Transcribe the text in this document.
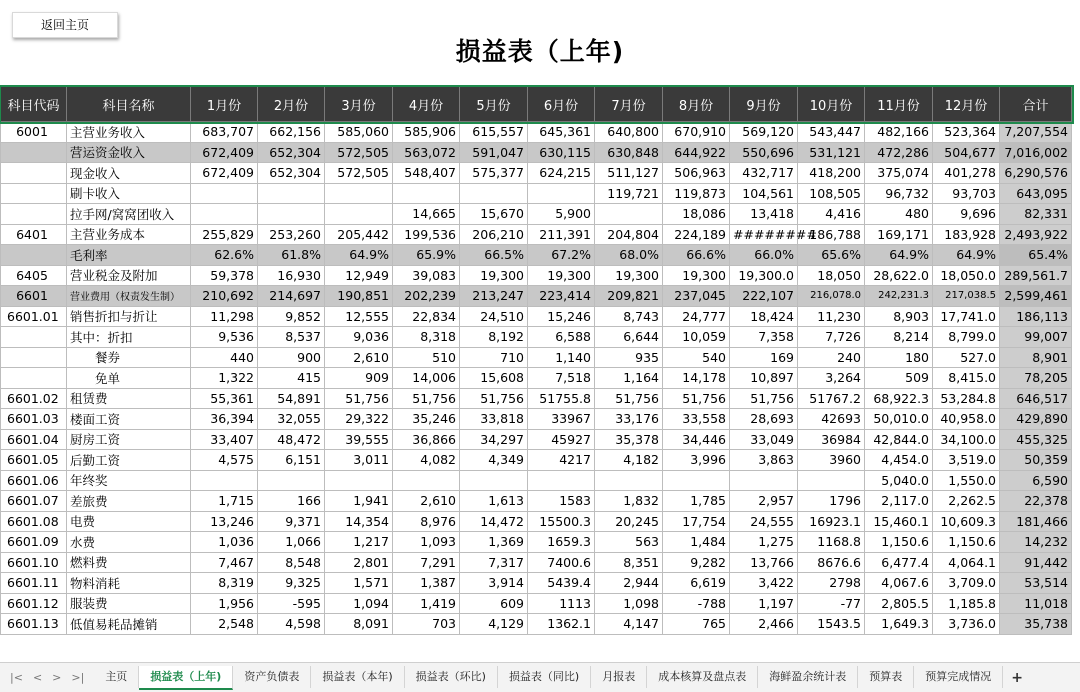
返回主页
损益表（上年)
科目代码	科目名称	1月份	2月份	3月份	4月份	5月份	6月份	7月份	8月份	9月份	10月份	11月份	12月份	合计
6001	主营业务收入	683,707	662,156	585,060	585,906	615,557	645,361	640,800	670,910	569,120	543,447	482,166	523,364	7,207,554
	营运资金收入	672,409	652,304	572,505	563,072	591,047	630,115	630,848	644,922	550,696	531,121	472,286	504,677	7,016,002
	现金收入	672,409	652,304	572,505	548,407	575,377	624,215	511,127	506,963	432,717	418,200	375,074	401,278	6,290,576
	刷卡收入							119,721	119,873	104,561	108,505	96,732	93,703	643,095
	拉手网/窝窝团收入				14,665	15,670	5,900		18,086	13,418	4,416	480	9,696	82,331
6401	主营业务成本	255,829	253,260	205,442	199,536	206,210	211,391	204,804	224,189	########	186,788	169,171	183,928	2,493,922
	毛利率	62.6%	61.8%	64.9%	65.9%	66.5%	67.2%	68.0%	66.6%	66.0%	65.6%	64.9%	64.9%	65.4%
6405	营业税金及附加	59,378	16,930	12,949	39,083	19,300	19,300	19,300	19,300	19,300.0	18,050	28,622.0	18,050.0	289,561.7
6601	营业费用（权责发生制）	210,692	214,697	190,851	202,239	213,247	223,414	209,821	237,045	222,107	216,078.0	242,231.3	217,038.5	2,599,461
6601.01	销售折扣与折让	11,298	9,852	12,555	22,834	24,510	15,246	8,743	24,777	18,424	11,230	8,903	17,741.0	186,113
	其中：折扣	9,536	8,537	9,036	8,318	8,192	6,588	6,644	10,059	7,358	7,726	8,214	8,799.0	99,007
	　　餐券	440	900	2,610	510	710	1,140	935	540	169	240	180	527.0	8,901
	　　免单	1,322	415	909	14,006	15,608	7,518	1,164	14,178	10,897	3,264	509	8,415.0	78,205
6601.02	租赁费	55,361	54,891	51,756	51,756	51,756	51755.8	51,756	51,756	51,756	51767.2	68,922.3	53,284.8	646,517
6601.03	楼面工资	36,394	32,055	29,322	35,246	33,818	33967	33,176	33,558	28,693	42693	50,010.0	40,958.0	429,890
6601.04	厨房工资	33,407	48,472	39,555	36,866	34,297	45927	35,378	34,446	33,049	36984	42,844.0	34,100.0	455,325
6601.05	后勤工资	4,575	6,151	3,011	4,082	4,349	4217	4,182	3,996	3,863	3960	4,454.0	3,519.0	50,359
6601.06	年终奖											5,040.0	1,550.0	6,590
6601.07	差旅费	1,715	166	1,941	2,610	1,613	1583	1,832	1,785	2,957	1796	2,117.0	2,262.5	22,378
6601.08	电费	13,246	9,371	14,354	8,976	14,472	15500.3	20,245	17,754	24,555	16923.1	15,460.1	10,609.3	181,466
6601.09	水费	1,036	1,066	1,217	1,093	1,369	1659.3	563	1,484	1,275	1168.8	1,150.6	1,150.6	14,232
6601.10	燃料费	7,467	8,548	2,801	7,291	7,317	7400.6	8,351	9,282	13,766	8676.6	6,477.4	4,064.1	91,442
6601.11	物料消耗	8,319	9,325	1,571	1,387	3,914	5439.4	2,944	6,619	3,422	2798	4,067.6	3,709.0	53,514
6601.12	服装费	1,956	-595	1,094	1,419	609	1113	1,098	-788	1,197	-77	2,805.5	1,185.8	11,018
6601.13	低值易耗品摊销	2,548	4,598	8,091	703	4,129	1362.1	4,147	765	2,466	1543.5	1,649.3	3,736.0	35,738
|< < > >|	主页	损益表（上年)	资产负债表	损益表（本年)	损益表（环比)	损益表（同比)	月报表	成本核算及盘点表	海鲜盈余统计表	预算表	预算完成情况	+
